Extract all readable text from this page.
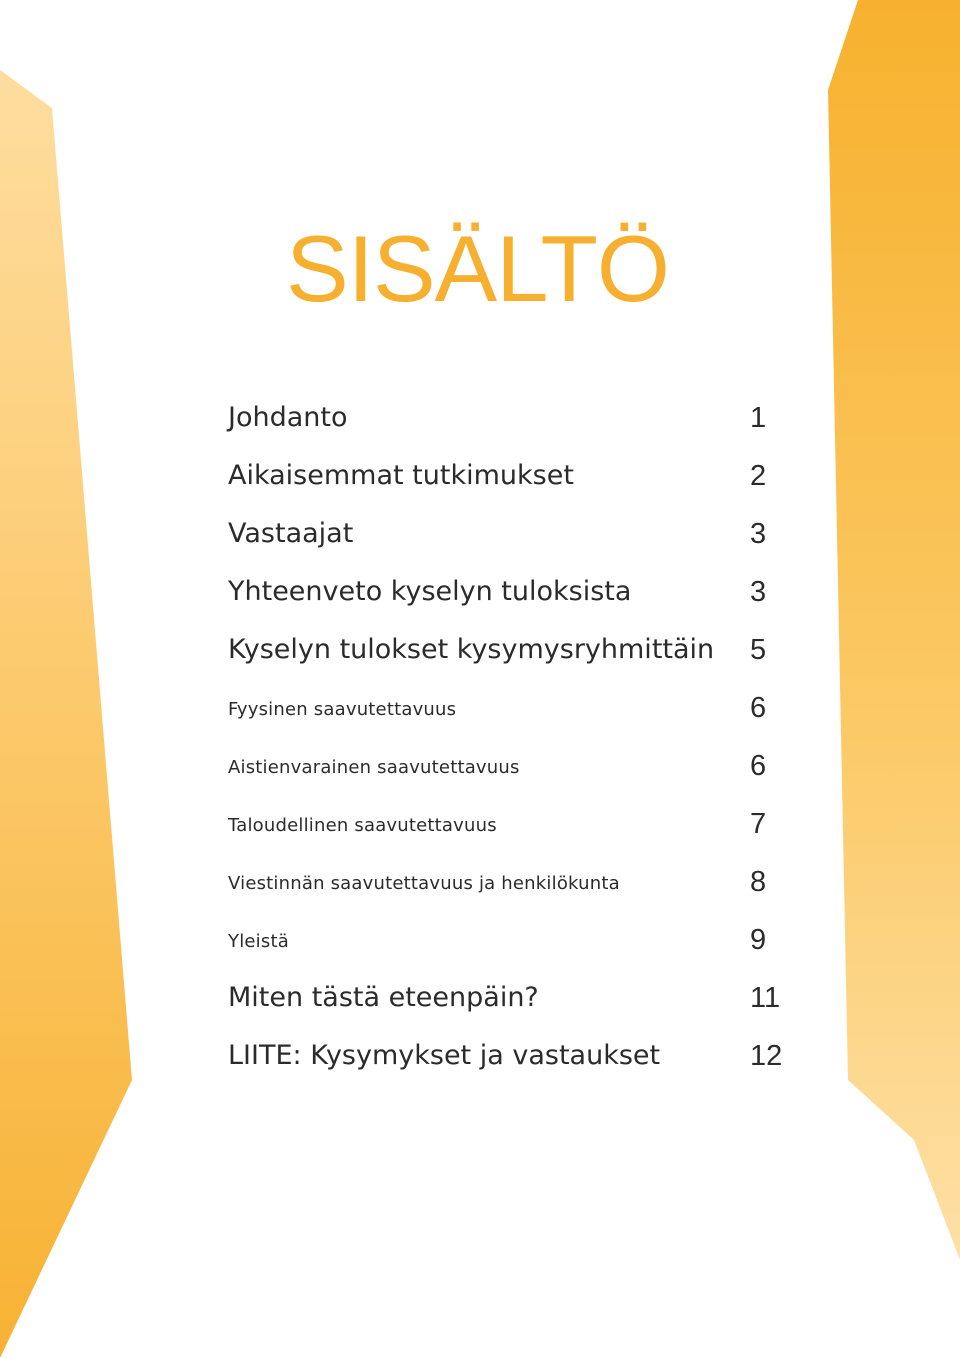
SISÄLTÖ
Johdanto	1
Aikaisemmat tutkimukset	2
Vastaajat	3
Yhteenveto kyselyn tuloksista	3
Kyselyn tulokset kysymysryhmittäin 5
Fyysinen saavutettavuus	6
Aistienvarainen saavutettavuus	6
Taloudellinen saavutettavuus	7
Viestinnän saavutettavuus ja henkilökunta	8
Yleistä	9
Miten tästä eteenpäin?	11
LIITE: Kysymykset ja vastaukset	12
